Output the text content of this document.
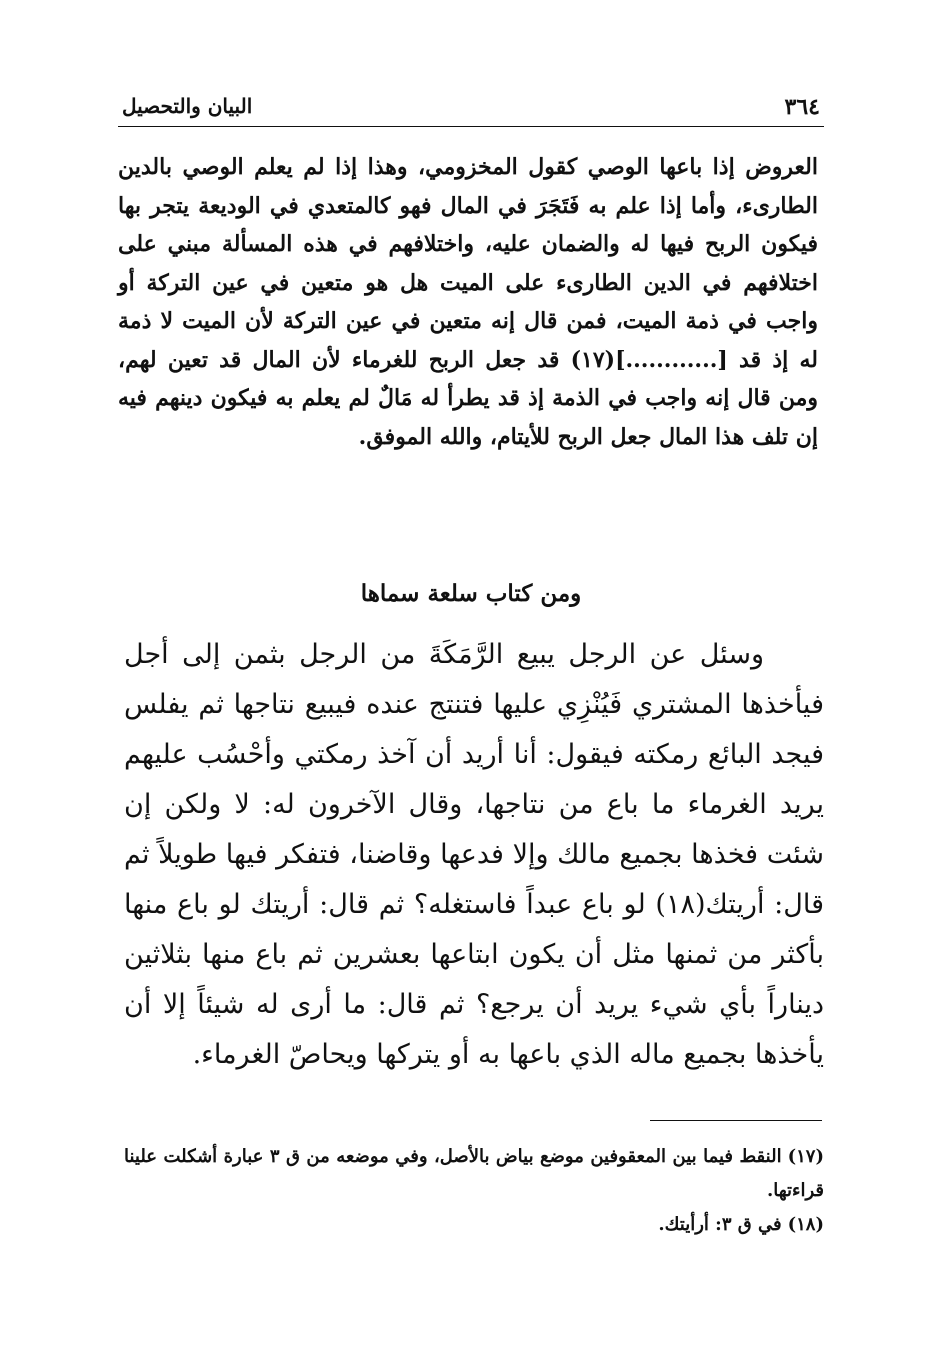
٣٦٤
البيان والتحصيل
العروض إذا باعها الوصي كقول المخزومي، وهذا إذا لم يعلم الوصي بالدين الطارىء، وأما إذا علم به فَتَجَرَ في المال فهو كالمتعدي في الوديعة يتجر بها فيكون الربح فيها له والضمان عليه، واختلافهم في هذه المسألة مبني على اختلافهم في الدين الطارىء على الميت هل هو متعين في عين التركة أو واجب في ذمة الميت، فمن قال إنه متعين في عين التركة لأن الميت لا ذمة له إذ قد [............](١٧) قد جعل الربح للغرماء لأن المال قد تعين لهم، ومن قال إنه واجب في الذمة إذ قد يطرأ له مَالٌ لم يعلم به فيكون دينهم فيه إن تلف هذا المال جعل الربح للأيتام، والله الموفق.
ومن كتاب سلعة سماها
وسئل عن الرجل يبيع الرَّمَكَةَ من الرجل بثمن إلى أجل فيأخذها المشتري فَيُنْزِي عليها فتنتج عنده فيبيع نتاجها ثم يفلس فيجد البائع رمكته فيقول: أنا أريد أن آخذ رمكتي وأحْسُب عليهم يريد الغرماء ما باع من نتاجها، وقال الآخرون له: لا ولكن إن شئت فخذها بجميع مالك وإلا فدعها وقاضنا، فتفكر فيها طويلاً ثم قال: أريتك(١٨) لو باع عبداً فاستغله؟ ثم قال: أريتك لو باع منها بأكثر من ثمنها مثل أن يكون ابتاعها بعشرين ثم باع منها بثلاثين ديناراً بأي شيء يريد أن يرجع؟ ثم قال: ما أرى له شيئاً إلا أن يأخذها بجميع ماله الذي باعها به أو يتركها ويحاصّ الغرماء.
(١٧)النقط فيما بين المعقوفين موضع بياض بالأصل، وفي موضعه من ق ٣ عبارة أشكلت علينا قراءتها.
(١٨)في ق ٣: أرأيتك.
